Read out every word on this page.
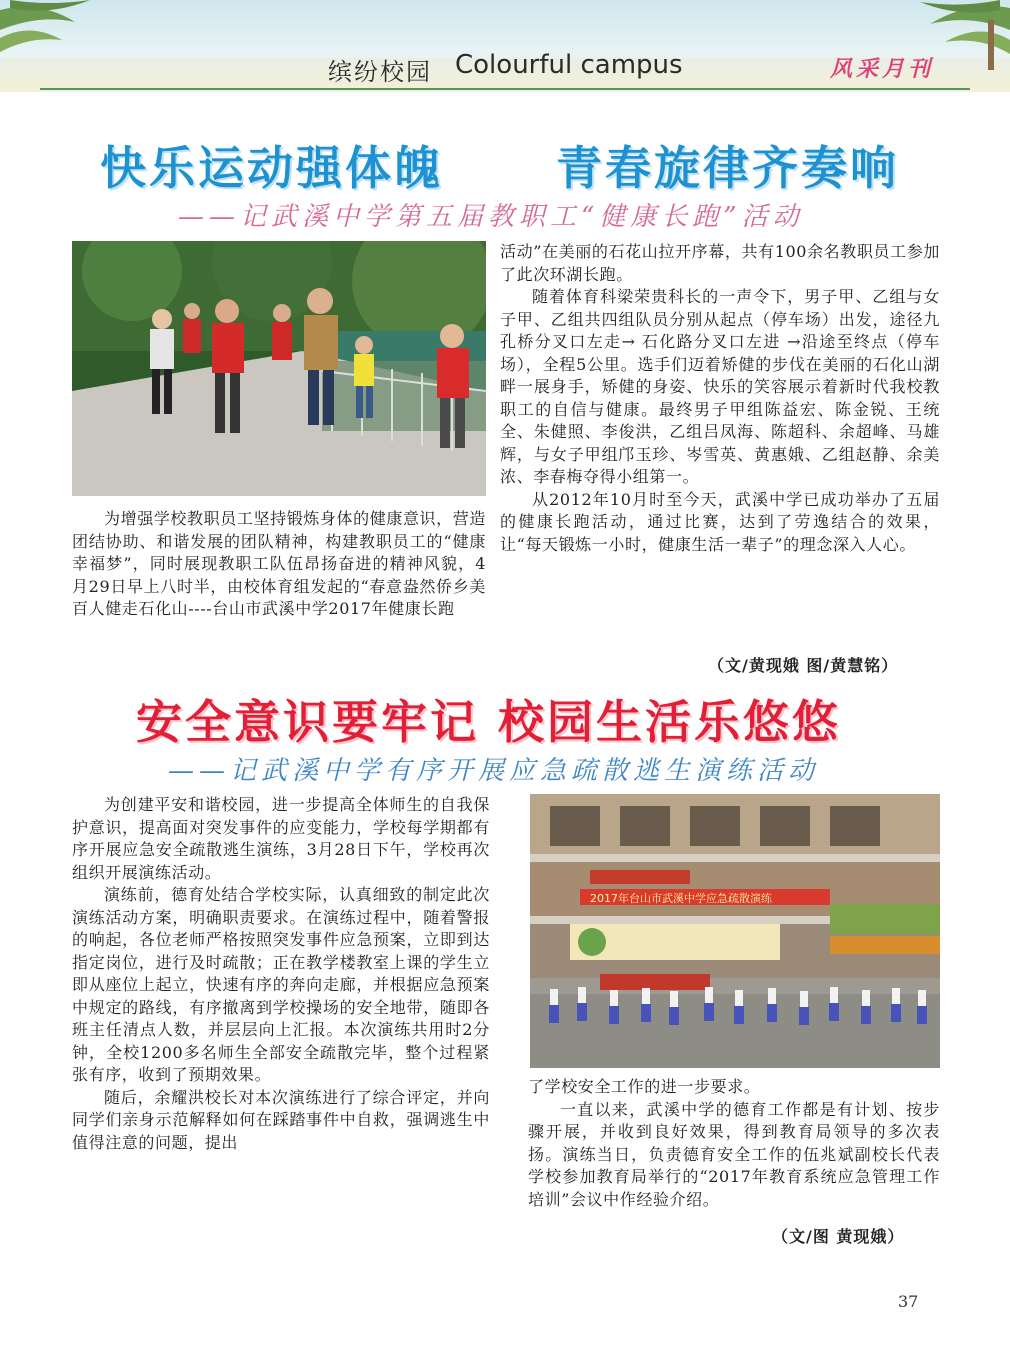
缤纷校园 Colourful campus	风采月刊
快乐运动强体魄 青春旋律齐奏响
——记武溪中学第五届教职工“健康长跑”活动

为增强学校教职员工坚持锻炼身体的健康意识，营造团结协助、和谐发展的团队精神，构建教职员工的“健康幸福梦”，同时展现教职工队伍昂扬奋进的精神风貌，4月29日早上八时半，由校体育组发起的“春意盎然侨乡美 百人健走石化山----台山市武溪中学2017年健康长跑

活动”在美丽的石花山拉开序幕，共有100余名教职员工参加了此次环湖长跑。

随着体育科梁荣贵科长的一声令下，男子甲、乙组与女子甲、乙组共四组队员分别从起点（停车场）出发，途径九孔桥分叉口左走→ 石化路分叉口左进 →沿途至终点（停车场），全程5公里。选手们迈着矫健的步伐在美丽的石化山湖畔一展身手，矫健的身姿、快乐的笑容展示着新时代我校教职工的自信与健康。最终男子甲组陈益宏、陈金锐、王统全、朱健照、李俊洪，乙组吕凤海、陈超科、余超峰、马雄辉，与女子甲组邝玉珍、岑雪英、黄惠娥、乙组赵静、余美浓、李春梅夺得小组第一。

从2012年10月时至今天，武溪中学已成功举办了五届的健康长跑活动，通过比赛，达到了劳逸结合的效果，让“每天锻炼一小时，健康生活一辈子”的理念深入人心。

（文/黄现娥 图/黄慧铭）
安全意识要牢记 校园生活乐悠悠
——记武溪中学有序开展应急疏散逃生演练活动

为创建平安和谐校园，进一步提高全体师生的自我保护意识，提高面对突发事件的应变能力，学校每学期都有序开展应急安全疏散逃生演练，3月28日下午，学校再次组织开展演练活动。

演练前，德育处结合学校实际，认真细致的制定此次演练活动方案，明确职责要求。在演练过程中，随着警报的响起，各位老师严格按照突发事件应急预案，立即到达指定岗位，进行及时疏散；正在教学楼教室上课的学生立即从座位上起立，快速有序的奔向走廊，并根据应急预案中规定的路线，有序撤离到学校操场的安全地带，随即各班主任清点人数，并层层向上汇报。本次演练共用时2分钟，全校1200多名师生全部安全疏散完毕，整个过程紧张有序，收到了预期效果。

随后，余耀洪校长对本次演练进行了综合评定，并向同学们亲身示范解释如何在踩踏事件中自救，强调逃生中值得注意的问题，提出

2017年台山市武溪中学应急疏散演练

了学校安全工作的进一步要求。

一直以来，武溪中学的德育工作都是有计划、按步骤开展，并收到良好效果，得到教育局领导的多次表扬。演练当日，负责德育安全工作的伍兆斌副校长代表学校参加教育局举行的“2017年教育系统应急管理工作培训”会议中作经验介绍。

（文/图 黄现娥）
37
